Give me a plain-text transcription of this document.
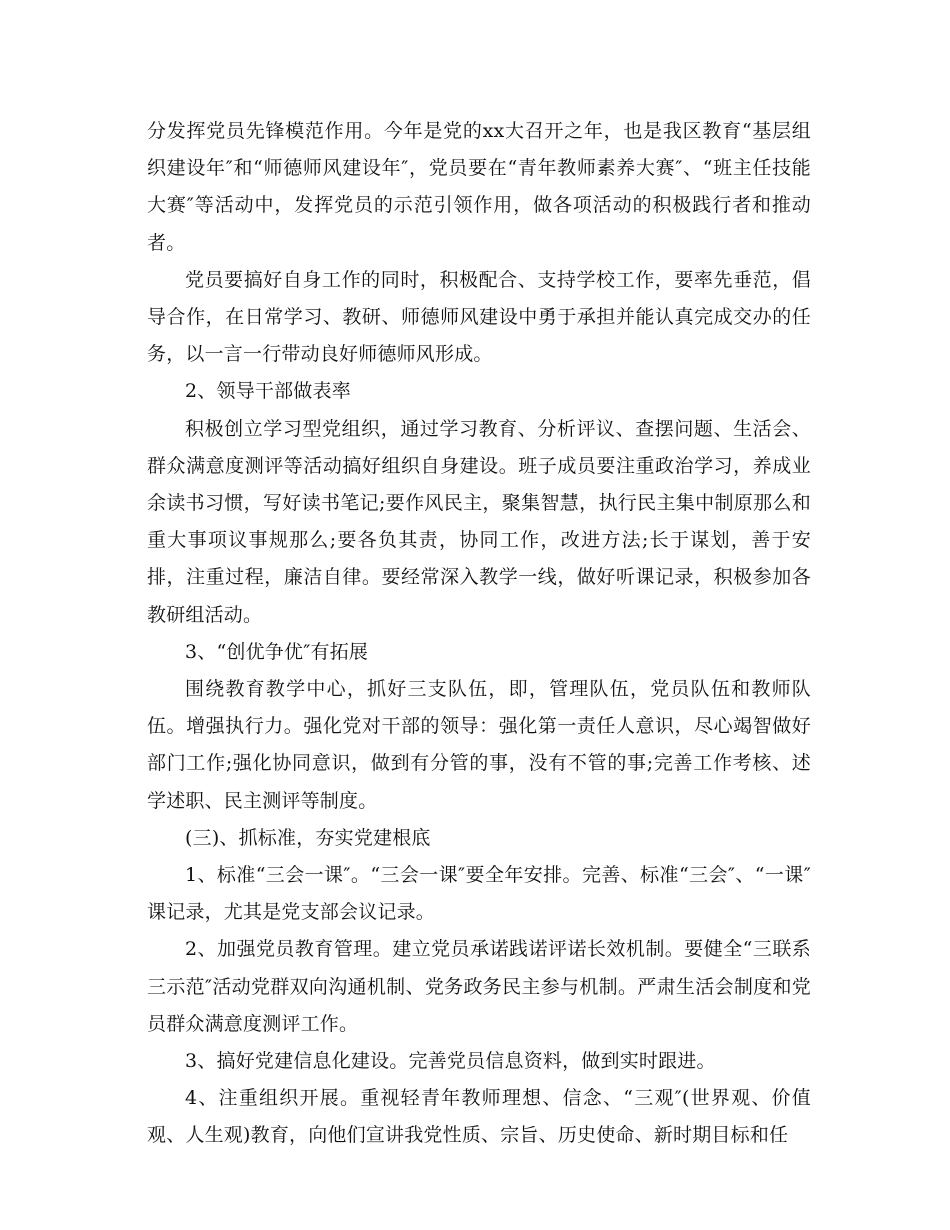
分发挥党员先锋模范作用。今年是党的xx大召开之年，也是我区教育“基层组织建设年″和“师德师风建设年″，党员要在“青年教师素养大赛″、“班主任技能大赛″等活动中，发挥党员的示范引领作用，做各项活动的积极践行者和推动者。

党员要搞好自身工作的同时，积极配合、支持学校工作，要率先垂范，倡导合作，在日常学习、教研、师德师风建设中勇于承担并能认真完成交办的任务，以一言一行带动良好师德师风形成。

2、领导干部做表率

积极创立学习型党组织，通过学习教育、分析评议、查摆问题、生活会、群众满意度测评等活动搞好组织自身建设。班子成员要注重政治学习，养成业余读书习惯，写好读书笔记;要作风民主，聚集智慧，执行民主集中制原那么和重大事项议事规那么;要各负其责，协同工作，改进方法;长于谋划，善于安排，注重过程，廉洁自律。要经常深入教学一线，做好听课记录，积极参加各教研组活动。

3、“创优争优″有拓展

围绕教育教学中心，抓好三支队伍，即，管理队伍，党员队伍和教师队伍。增强执行力。强化党对干部的领导：强化第一责任人意识，尽心竭智做好部门工作;强化协同意识，做到有分管的事，没有不管的事;完善工作考核、述学述职、民主测评等制度。

(三)、抓标准，夯实党建根底

1、标准“三会一课″。“三会一课″要全年安排。完善、标准“三会″、“一课″课记录，尤其是党支部会议记录。

2、加强党员教育管理。建立党员承诺践诺评诺长效机制。要健全“三联系三示范″活动党群双向沟通机制、党务政务民主参与机制。严肃生活会制度和党员群众满意度测评工作。

3、搞好党建信息化建设。完善党员信息资料，做到实时跟进。

4、注重组织开展。重视轻青年教师理想、信念、“三观″(世界观、价值观、人生观)教育，向他们宣讲我党性质、宗旨、历史使命、新时期目标和任
